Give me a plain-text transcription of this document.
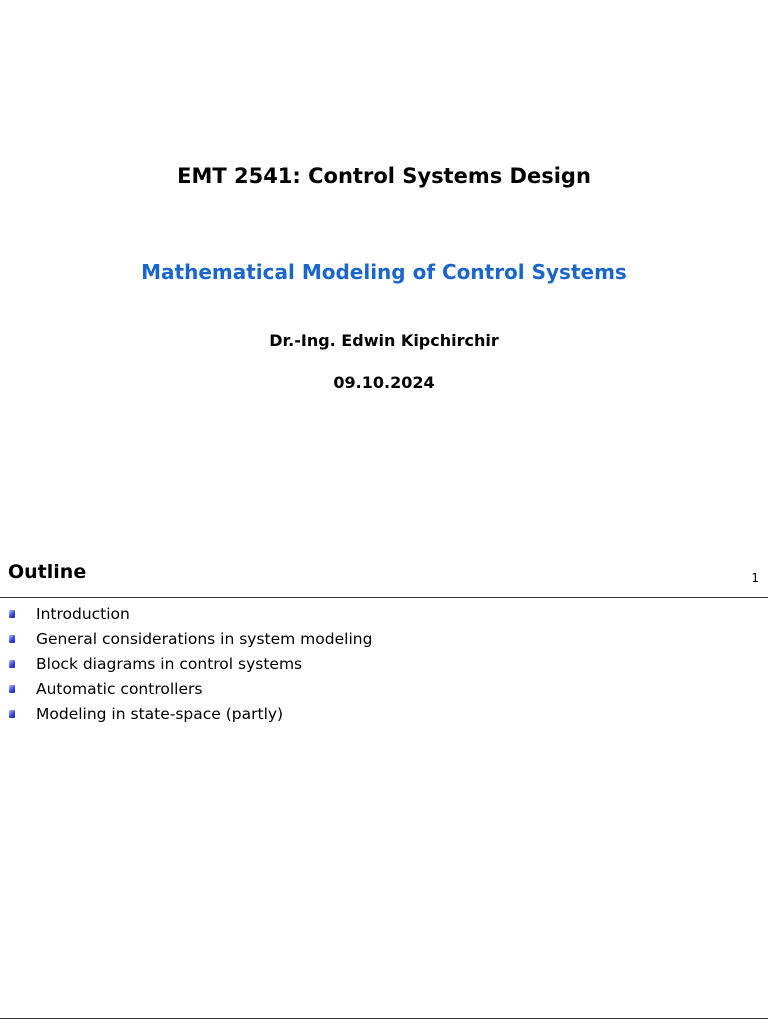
EMT 2541: Control Systems Design
Mathematical Modeling of Control Systems
Dr.-Ing. Edwin Kipchirchir
09.10.2024
Outline	1
Introduction
General considerations in system modeling
Block diagrams in control systems
Automatic controllers
Modeling in state-space (partly)
